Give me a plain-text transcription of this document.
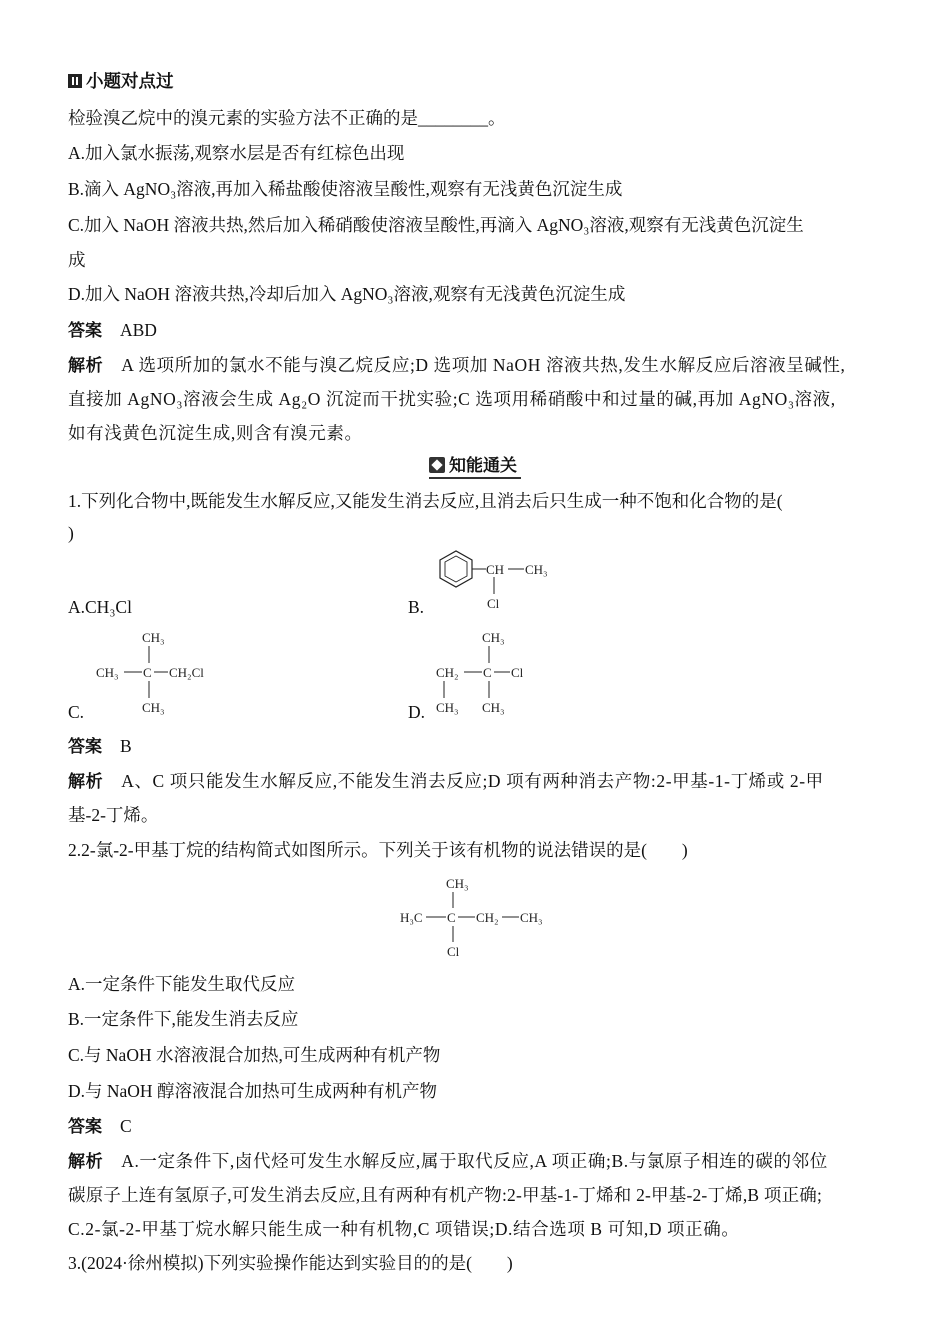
小题对点过
检验溴乙烷中的溴元素的实验方法不正确的是________。
A.加入氯水振荡,观察水层是否有红棕色出现
B.滴入 AgNO₃溶液,再加入稀盐酸使溶液呈酸性,观察有无浅黄色沉淀生成
C.加入 NaOH 溶液共热,然后加入稀硝酸使溶液呈酸性,再滴入 AgNO₃溶液,观察有无浅黄色沉淀生
成
D.加入 NaOH 溶液共热,冷却后加入 AgNO₃溶液,观察有无浅黄色沉淀生成
答案 ABD
解析 A 选项所加的氯水不能与溴乙烷反应;D 选项加 NaOH 溶液共热,发生水解反应后溶液呈碱性,
直接加 AgNO₃溶液会生成 Ag₂O 沉淀而干扰实验;C 选项用稀硝酸中和过量的碱,再加 AgNO₃溶液,
如有浅黄色沉淀生成,则含有溴元素。
知能通关
1.下列化合物中,既能发生水解反应,又能发生消去反应,且消去后只生成一种不饱和化合物的是(
)
A.CH₃Cl	B.
CH CH₃
Cl
C.
CH₃
CH₃ C CH₂Cl
CH₃	D.
CH₃
CH₂ C Cl
CH₃ CH₃
答案 B
解析 A、C 项只能发生水解反应,不能发生消去反应;D 项有两种消去产物:2-甲基-1-丁烯或 2-甲
基-2-丁烯。
2.2-氯-2-甲基丁烷的结构简式如图所示。下列关于该有机物的说法错误的是(　　)
CH₃
H₃C C CH₂ CH₃
Cl
A.一定条件下能发生取代反应
B.一定条件下,能发生消去反应
C.与 NaOH 水溶液混合加热,可生成两种有机产物
D.与 NaOH 醇溶液混合加热可生成两种有机产物
答案 C
解析 A.一定条件下,卤代烃可发生水解反应,属于取代反应,A 项正确;B.与氯原子相连的碳的邻位
碳原子上连有氢原子,可发生消去反应,且有两种有机产物:2-甲基-1-丁烯和 2-甲基-2-丁烯,B 项正确;
C.2-氯-2-甲基丁烷水解只能生成一种有机物,C 项错误;D.结合选项 B 可知,D 项正确。
3.(2024·徐州模拟)下列实验操作能达到实验目的的是(　　)
